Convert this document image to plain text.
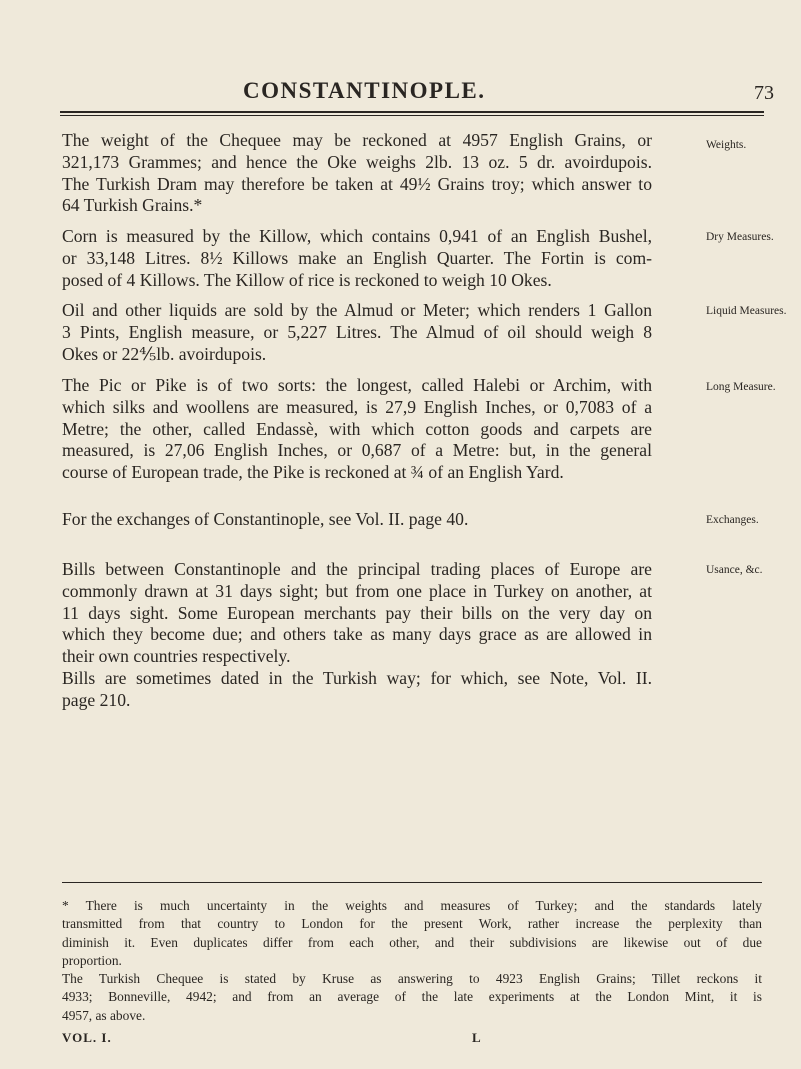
CONSTANTINOPLE.	73
The weight of the Chequee may be reckoned at 4957 English Grains, or
321,173 Grammes; and hence the Oke weighs 2lb. 13 oz. 5 dr. avoirdupois.
The Turkish Dram may therefore be taken at 49½ Grains troy; which answer to
64 Turkish Grains.*
Weights.
Corn is measured by the Killow, which contains 0,941 of an English Bushel,
or 33,148 Litres. 8½ Killows make an English Quarter. The Fortin is com-
posed of 4 Killows. The Killow of rice is reckoned to weigh 10 Okes.
Dry Measures.
Oil and other liquids are sold by the Almud or Meter; which renders 1 Gallon
3 Pints, English measure, or 5,227 Litres. The Almud of oil should weigh 8
Okes or 22⅘lb. avoirdupois.
Liquid Measures.
The Pic or Pike is of two sorts: the longest, called Halebi or Archim, with
which silks and woollens are measured, is 27,9 English Inches, or 0,7083 of a
Metre; the other, called Endassè, with which cotton goods and carpets are
measured, is 27,06 English Inches, or 0,687 of a Metre: but, in the general
course of European trade, the Pike is reckoned at ¾ of an English Yard.
Long Measure.
For the exchanges of Constantinople, see Vol. II. page 40.	Exchanges.
Bills between Constantinople and the principal trading places of Europe are
commonly drawn at 31 days sight; but from one place in Turkey on another, at
11 days sight. Some European merchants pay their bills on the very day on
which they become due; and others take as many days grace as are allowed in
their own countries respectively.
Bills are sometimes dated in the Turkish way; for which, see Note, Vol. II.
page 210.
Usance, &c.
* There is much uncertainty in the weights and measures of Turkey; and the standards lately
transmitted from that country to London for the present Work, rather increase the perplexity than
diminish it. Even duplicates differ from each other, and their subdivisions are likewise out of due
proportion.
The Turkish Chequee is stated by Kruse as answering to 4923 English Grains; Tillet reckons it
4933; Bonneville, 4942; and from an average of the late experiments at the London Mint, it is
4957, as above.
VOL. I.	L
